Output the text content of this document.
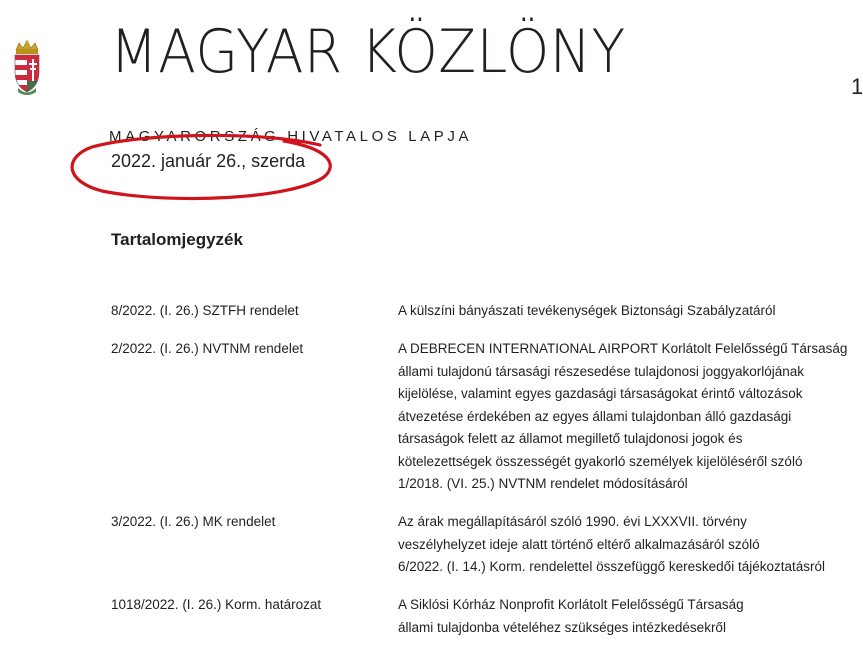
MAGYAR KÖZLÖNY	1
MAGYARORSZÁG HIVATALOS LAPJA
2022. január 26., szerda
Tartalomjegyzék
8/2022. (I. 26.) SZTFH rendelet	A külszíni bányászati tevékenységek Biztonsági Szabályzatáról
2/2022. (I. 26.) NVTNM rendelet	A DEBRECEN INTERNATIONAL AIRPORT Korlátolt Felelősségű Társaság
állami tulajdonú társasági részesedése tulajdonosi joggyakorlójának
kijelölése, valamint egyes gazdasági társaságokat érintő változások
átvezetése érdekében az egyes állami tulajdonban álló gazdasági
társaságok felett az államot megillető tulajdonosi jogok és
kötelezettségek összességét gyakorló személyek kijelöléséről szóló
1/2018. (VI. 25.) NVTNM rendelet módosításáról
3/2022. (I. 26.) MK rendelet	Az árak megállapításáról szóló 1990. évi LXXXVII. törvény
veszélyhelyzet ideje alatt történő eltérő alkalmazásáról szóló
6/2022. (I. 14.) Korm. rendelettel összefüggő kereskedői tájékoztatásról
1018/2022. (I. 26.) Korm. határozat	A Siklósi Kórház Nonprofit Korlátolt Felelősségű Társaság
állami tulajdonba vételéhez szükséges intézkedésekről
